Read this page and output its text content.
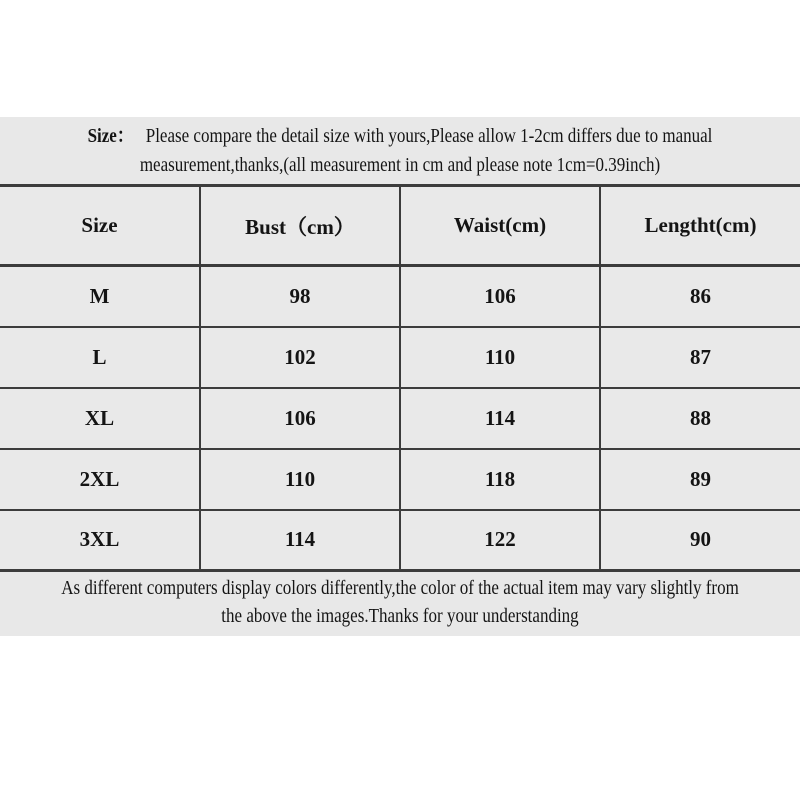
Size： Please compare the detail size with yours,Please allow 1-2cm differs due to manual
measurement,thanks,(all measurement in cm and please note 1cm=0.39inch)
Size	Bust（cm）	Waist(cm)	Lengtht(cm)
M	98	106	86
L	102	110	87
XL	106	114	88
2XL	110	118	89
3XL	114	122	90
As different computers display colors differently,the color of the actual item may vary slightly from
the above the images.Thanks for your understanding
